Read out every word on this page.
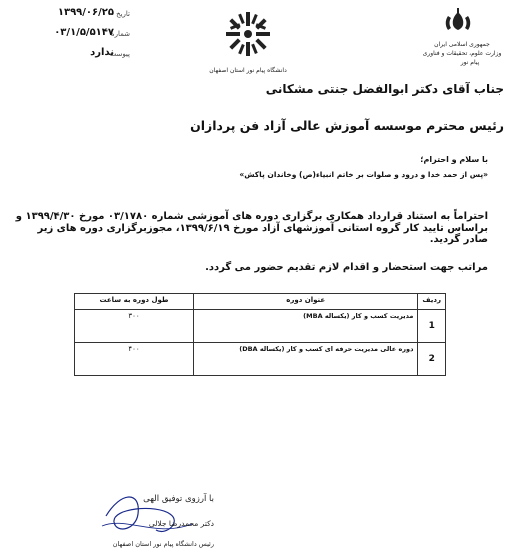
۱۳۹۹/۰۶/۲۵ تاریخ
۰۳/۱/۵/۵۱۴۷
شماره
ندارد
پیوست
دانشگاه پیام نور استان اصفهان
جمهوری اسلامی ایران
وزارت علوم، تحقیقات و فناوری
پیام نور
جناب آقای دکتر ابوالفضل جنتی مشکانی
رئیس محترم موسسه آموزش عالی آزاد فن پردازان
با سلام و احترام؛
«پس از حمد خدا و درود و صلوات بر خاتم انبیاء(ص) وخاندان پاکش»
احتراماً به استناد قرارداد همکاری برگزاری دوره های آموزشی شماره ۰۳/۱۷۸۰ مورخ ۱۳۹۹/۴/۳۰ و براساس تایید کار گروه استانی آموزشهای آزاد مورخ ۱۳۹۹/۶/۱۹، مجوزبرگزاری دوره های زیر صادر گردید.
مراتب جهت استحضار و اقدام لازم تقدیم حضور می گردد.
ردیف	عنوان دوره	طول دوره به ساعت
1	مدیریت کسب و کار (یکساله MBA)	۳۰۰
2	دوره عالی مدیریت حرفه ای کسب و کار (یکساله DBA)	۴۰۰
با آرزوی توفیق الهی
دکتر محمدرضا جلالی
رئیس دانشگاه پیام نور استان اصفهان
